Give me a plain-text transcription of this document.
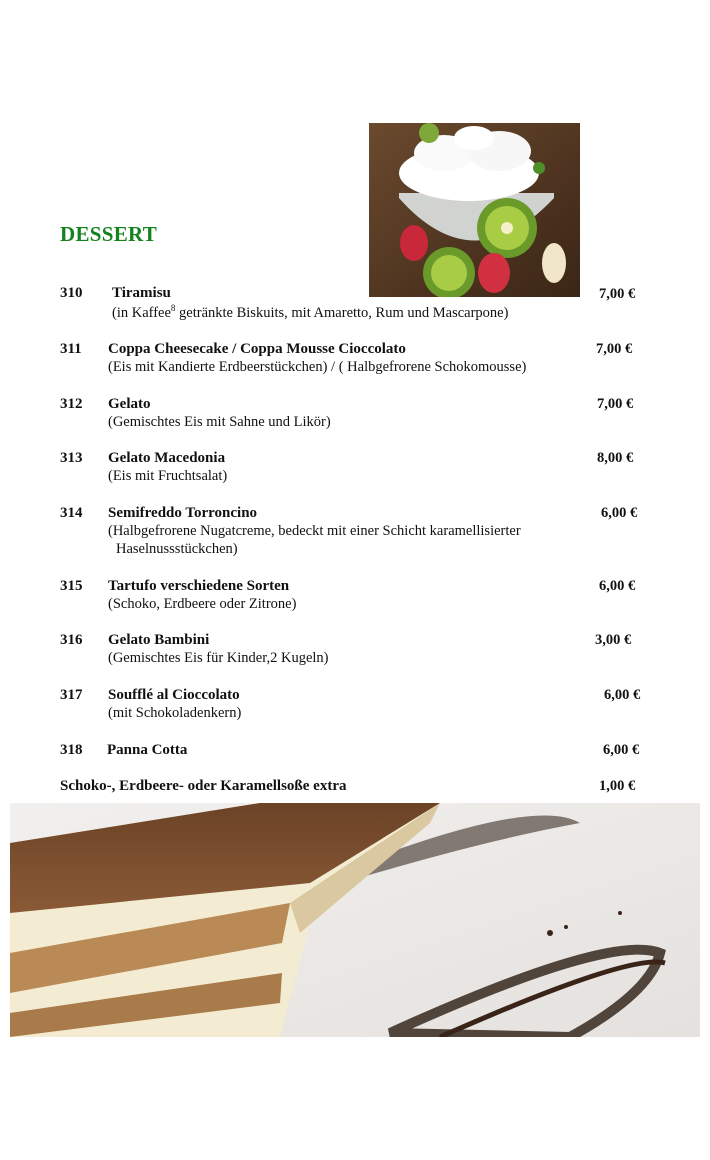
DESSERT
310 Tiramisu
(in Kaffee$^8$ getränkte Biskuits, mit Amaretto, Rum und Mascarpone)
7,00 €
311 Coppa Cheesecake / Coppa Mousse Cioccolato
(Eis mit Kandierte Erdbeerstückchen) / ( Halbgefrorene Schokomousse)
7,00 €
312 Gelato
(Gemischtes Eis mit Sahne und Likör)
7,00 €
313 Gelato Macedonia
(Eis mit Fruchtsalat)
8,00 €
314 Semifreddo Torroncino
(Halbgefrorene Nugatcreme, bedeckt mit einer Schicht karamellisierter
Haselnussstückchen)
6,00 €
315 Tartufo verschiedene Sorten
(Schoko, Erdbeere oder Zitrone)
6,00 €
316 Gelato Bambini
(Gemischtes Eis für Kinder,2 Kugeln)
3,00 €
317 Soufflé al Cioccolato
(mit Schokoladenkern)
6,00 €
318 Panna Cotta	6,00 €
Schoko-, Erdbeere- oder Karamellsoße extra	1,00 €
